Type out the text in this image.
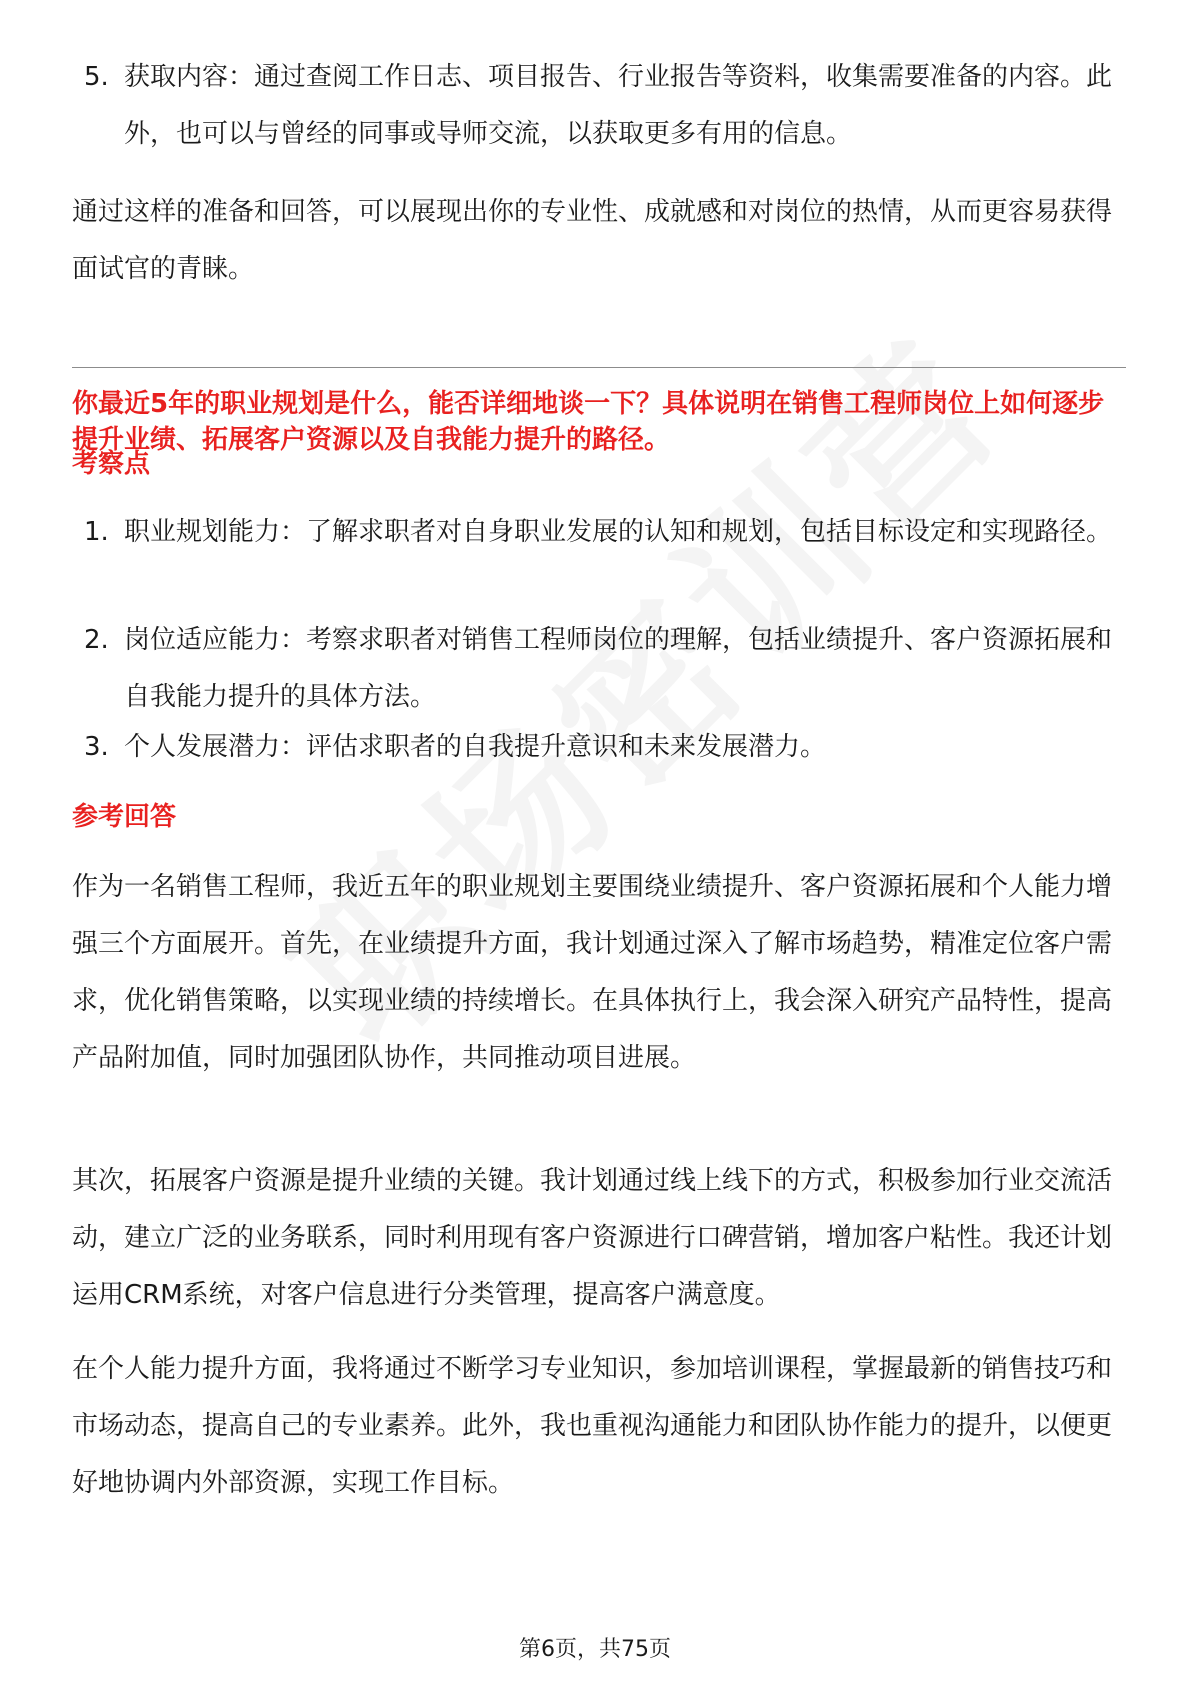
5. 获取内容：通过查阅工作日志、项目报告、行业报告等资料，收集需要准备的内容。此外，也可以与曾经的同事或导师交流，以获取更多有用的信息。
通过这样的准备和回答，可以展现出你的专业性、成就感和对岗位的热情，从而更容易获得面试官的青睐。
你最近5年的职业规划是什么，能否详细地谈一下？具体说明在销售工程师岗位上如何逐步提升业绩、拓展客户资源以及自我能力提升的路径。
考察点
1. 职业规划能力：了解求职者对自身职业发展的认知和规划，包括目标设定和实现路径。
2. 岗位适应能力：考察求职者对销售工程师岗位的理解，包括业绩提升、客户资源拓展和自我能力提升的具体方法。
3. 个人发展潜力：评估求职者的自我提升意识和未来发展潜力。
参考回答
作为一名销售工程师，我近五年的职业规划主要围绕业绩提升、客户资源拓展和个人能力增强三个方面展开。首先，在业绩提升方面，我计划通过深入了解市场趋势，精准定位客户需求，优化销售策略，以实现业绩的持续增长。在具体执行上，我会深入研究产品特性，提高产品附加值，同时加强团队协作，共同推动项目进展。
其次，拓展客户资源是提升业绩的关键。我计划通过线上线下的方式，积极参加行业交流活动，建立广泛的业务联系，同时利用现有客户资源进行口碑营销，增加客户粘性。我还计划运用CRM系统，对客户信息进行分类管理，提高客户满意度。
在个人能力提升方面，我将通过不断学习专业知识，参加培训课程，掌握最新的销售技巧和市场动态，提高自己的专业素养。此外，我也重视沟通能力和团队协作能力的提升，以便更好地协调内外部资源，实现工作目标。
第6页，共75页
